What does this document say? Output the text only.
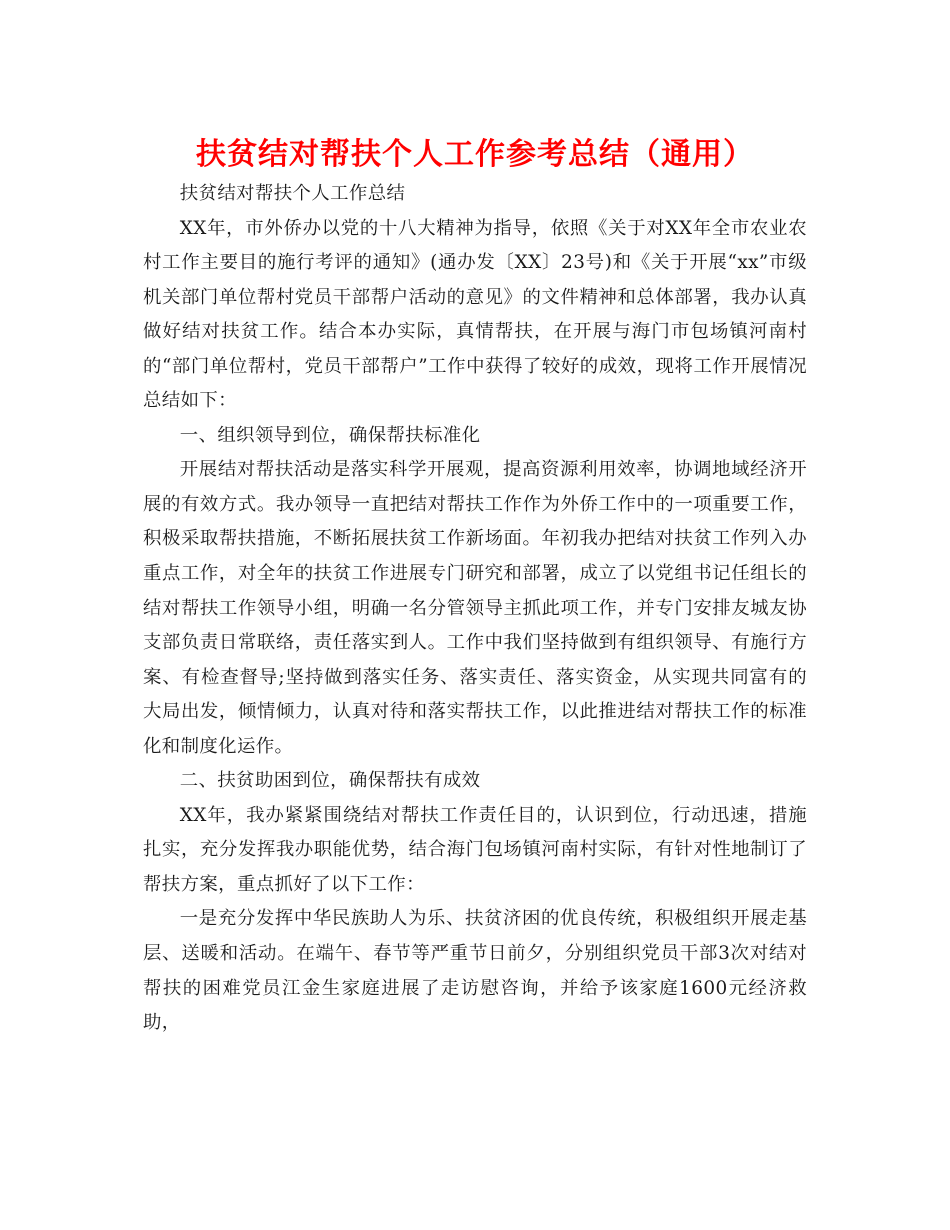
扶贫结对帮扶个人工作参考总结（通用）

扶贫结对帮扶个人工作总结

XX年，市外侨办以党的十八大精神为指导，依照《关于对XX年全市农业农村工作主要目的施行考评的通知》(通办发〔XX〕23号)和《关于开展“xx”市级机关部门单位帮村党员干部帮户活动的意见》的文件精神和总体部署，我办认真做好结对扶贫工作。结合本办实际，真情帮扶，在开展与海门市包场镇河南村的“部门单位帮村，党员干部帮户”工作中获得了较好的成效，现将工作开展情况总结如下：

一、组织领导到位，确保帮扶标准化

开展结对帮扶活动是落实科学开展观，提高资源利用效率，协调地域经济开展的有效方式。我办领导一直把结对帮扶工作作为外侨工作中的一项重要工作，积极采取帮扶措施，不断拓展扶贫工作新场面。年初我办把结对扶贫工作列入办重点工作，对全年的扶贫工作进展专门研究和部署，成立了以党组书记任组长的结对帮扶工作领导小组，明确一名分管领导主抓此项工作，并专门安排友城友协支部负责日常联络，责任落实到人。工作中我们坚持做到有组织领导、有施行方案、有检查督导;坚持做到落实任务、落实责任、落实资金，从实现共同富有的大局出发，倾情倾力，认真对待和落实帮扶工作，以此推进结对帮扶工作的标准化和制度化运作。

二、扶贫助困到位，确保帮扶有成效

XX年，我办紧紧围绕结对帮扶工作责任目的，认识到位，行动迅速，措施扎实，充分发挥我办职能优势，结合海门包场镇河南村实际，有针对性地制订了帮扶方案，重点抓好了以下工作：

一是充分发挥中华民族助人为乐、扶贫济困的优良传统，积极组织开展走基层、送暖和活动。在端午、春节等严重节日前夕，分别组织党员干部3次对结对帮扶的困难党员江金生家庭进展了走访慰咨询，并给予该家庭1600元经济救助，
